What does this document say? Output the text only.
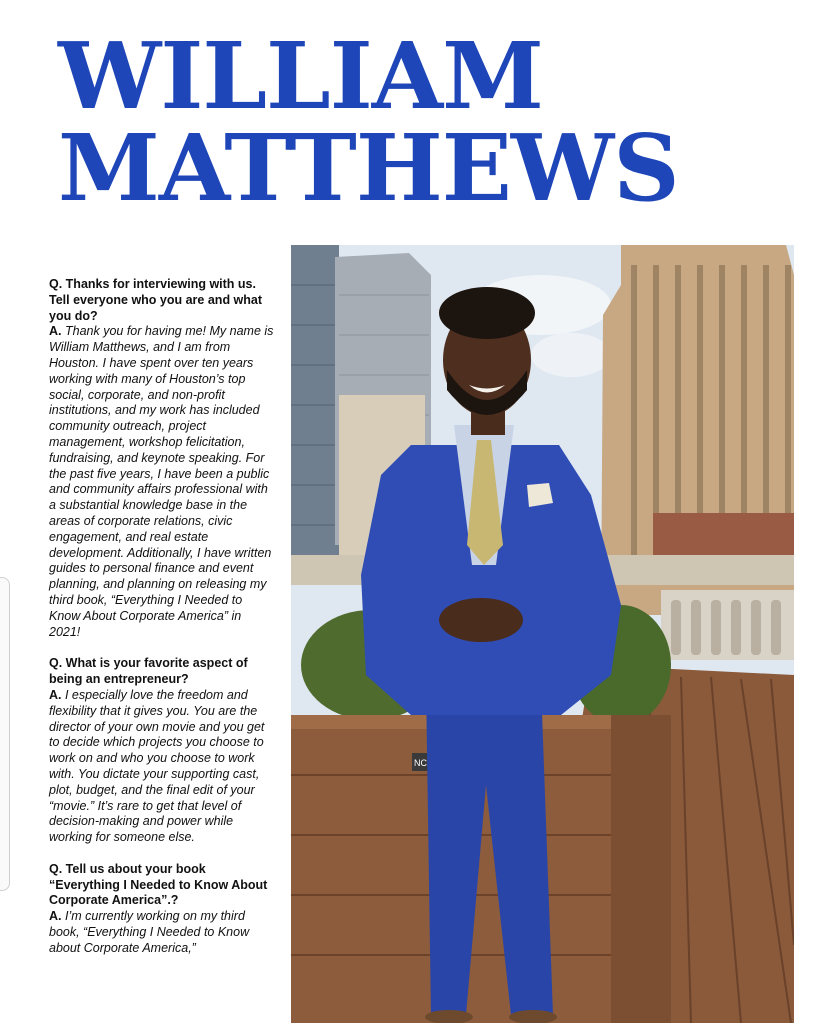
WILLIAM
MATTHEWS

Q. Thanks for interviewing with us. Tell everyone who you are and what you do?

A. Thank you for having me! My name is William Matthews, and I am from Houston. I have spent over ten years working with many of Houston’s top social, corporate, and non-profit institutions, and my work has included community outreach, project management, workshop felicitation, fundraising, and keynote speaking. For the past five years, I have been a public and community affairs professional with a substantial knowledge base in the areas of corporate relations, civic engagement, and real estate development. Additionally, I have written guides to personal finance and event planning, and planning on releasing my third book, “Everything I Needed to Know About Corporate America” in 2021!

Q. What is your favorite aspect of being an entrepreneur?

A. I especially love the freedom and flexibility that it gives you. You are the director of your own movie and you get to decide which projects you choose to work on and who you choose to work with. You dictate your supporting cast, plot, budget, and the final edit of your “movie.” It’s rare to get that level of decision-making and power while working for someone else.

Q. Tell us about your book “Everything I Needed to Know About Corporate America”.?

A. I’m currently working on my third book, “Everything I Needed to Know about Corporate America,”

NC
